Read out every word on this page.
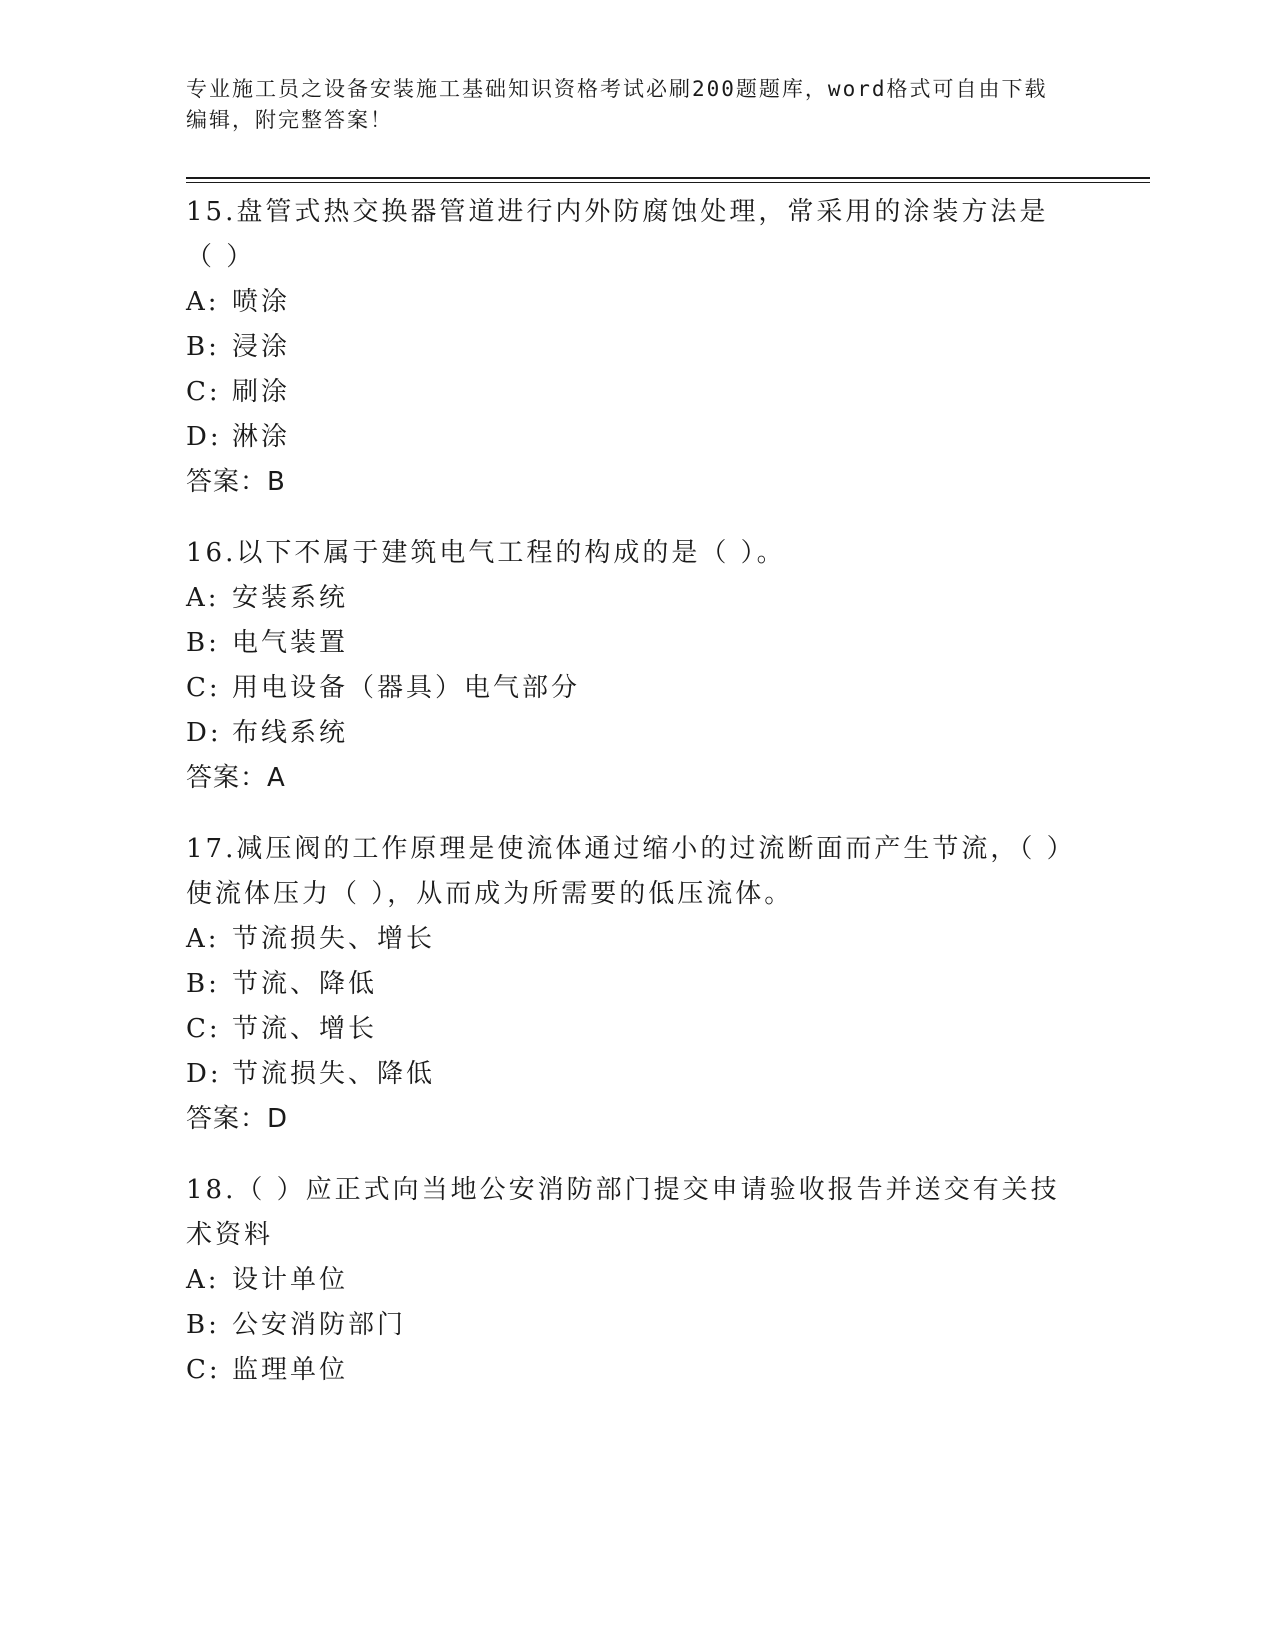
专业施工员之设备安装施工基础知识资格考试必刷200题题库，word格式可自由下载编辑，附完整答案！
15.盘管式热交换器管道进行内外防腐蚀处理，常采用的涂装方法是（ ）
A: 喷涂
B: 浸涂
C: 刷涂
D: 淋涂
答案：B
16.以下不属于建筑电气工程的构成的是（ ）。
A: 安装系统
B: 电气装置
C: 用电设备（器具）电气部分
D: 布线系统
答案：A
17.减压阀的工作原理是使流体通过缩小的过流断面而产生节流，（ ）使流体压力（ ），从而成为所需要的低压流体。
A: 节流损失、增长
B: 节流、降低
C: 节流、增长
D: 节流损失、降低
答案：D
18.（ ）应正式向当地公安消防部门提交申请验收报告并送交有关技术资料
A: 设计单位
B: 公安消防部门
C: 监理单位
